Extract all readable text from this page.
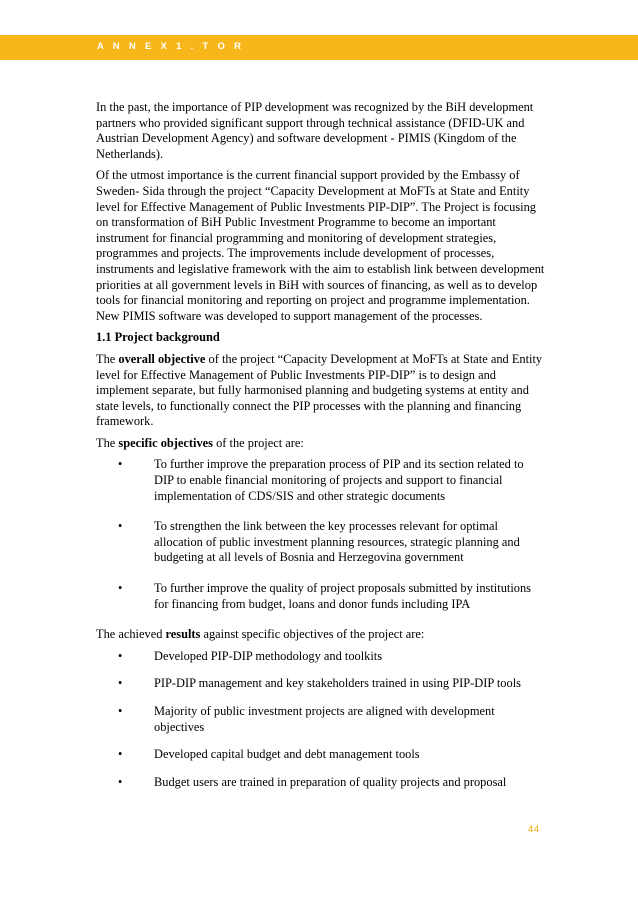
A N N E X 1 . T O R

In the past, the importance of PIP development was recognized by the BiH development partners who provided significant support through technical assistance (DFID-UK and Austrian Development Agency) and software development - PIMIS (Kingdom of the Netherlands).

Of the utmost importance is the current financial support provided by the Embassy of Sweden- Sida through the project “Capacity Development at MoFTs at State and Entity level for Effective Management of Public Investments PIP-DIP”. The Project is focusing on transformation of BiH Public Investment Programme to become an important instrument for financial programming and monitoring of development strategies, programmes and projects. The improvements include development of processes, instruments and legislative framework with the aim to establish link between development priorities at all government levels in BiH with sources of financing, as well as to develop tools for financial monitoring and reporting on project and programme implementation. New PIMIS software was developed to support management of the processes.

1.1 Project background

The overall objective of the project “Capacity Development at MoFTs at State and Entity level for Effective Management of Public Investments PIP-DIP” is to design and implement separate, but fully harmonised planning and budgeting systems at entity and state levels, to functionally connect the PIP processes with the planning and financing framework.

The specific objectives of the project are:

•	To further improve the preparation process of PIP and its section related to DIP to enable financial monitoring of projects and support to financial implementation of CDS/SIS and other strategic documents
•	To strengthen the link between the key processes relevant for optimal allocation of public investment planning resources, strategic planning and budgeting at all levels of Bosnia and Herzegovina government
•	To further improve the quality of project proposals submitted by institutions for financing from budget, loans and donor funds including IPA

The achieved results against specific objectives of the project are:

•	Developed PIP-DIP methodology and toolkits
•	PIP-DIP management and key stakeholders trained in using PIP-DIP tools
•	Majority of public investment projects are aligned with development objectives
•	Developed capital budget and debt management tools
•	Budget users are trained in preparation of quality projects and proposal
44
